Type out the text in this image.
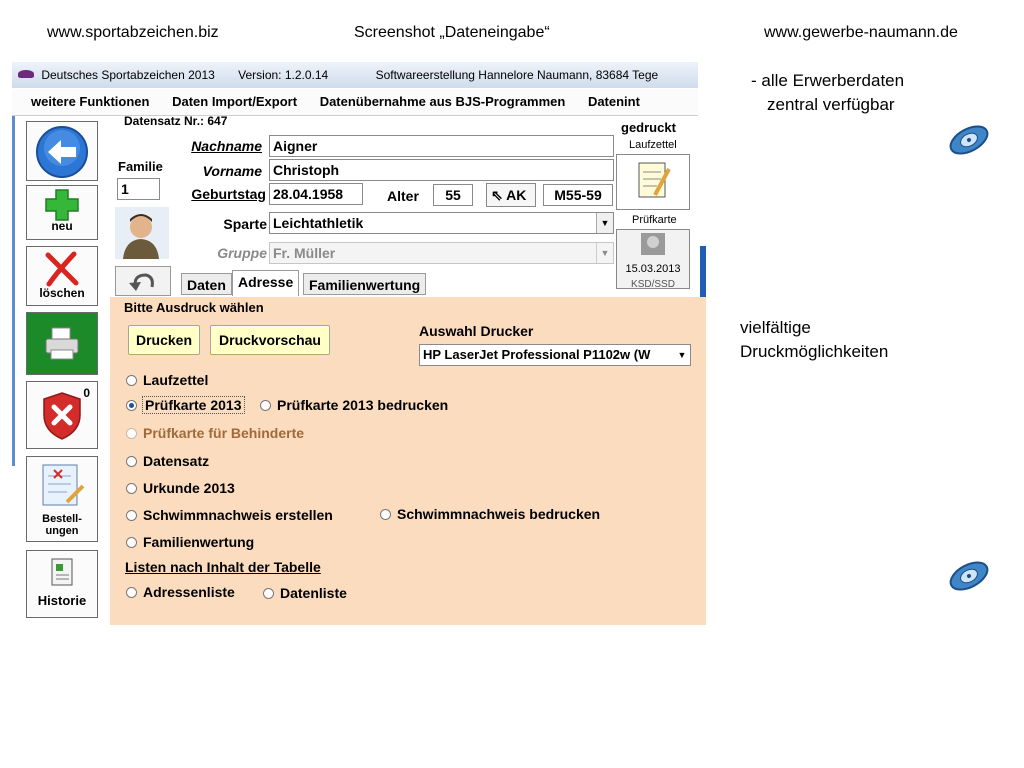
www.sportabzeichen.biz	Screenshot „Dateneingabe“	www.gewerbe-naumann.de
Deutsches Sportabzeichen 2013 Version: 1.2.0.14	Softwareerstellung Hannelore Naumann, 83684 Tege
weitere Funktionen Daten Import/Export Datenübernahme aus BJS-Programmen Datenint
neu
löschen
0
Bestell-
ungen
Historie
Datensatz Nr.: 647
Familie
1
Nachname Aigner
Vorname Christoph
Geburtstag 28.04.1958	Alter	55	⇖ AK	M55-59
Sparte Leichtathletik	▼
Gruppe Fr. Müller	▼
gedruckt
Laufzettel
Prüfkarte
15.03.2013
KSD/SSD
Daten Adresse	Familienwertung
Bitte Ausdruck wählen
Drucken	Druckvorschau
Auswahl Drucker
HP LaserJet Professional P1102w (W	▼
Laufzettel
Prüfkarte 2013	Prüfkarte 2013 bedrucken
Prüfkarte für Behinderte
Datensatz
Urkunde 2013
Schwimmnachweis erstellen	Schwimmnachweis bedrucken
Familienwertung
Listen nach Inhalt der Tabelle
Adressenliste	Datenliste
- alle Erwerberdaten
zentral verfügbar
vielfältige
Druckmöglichkeiten
